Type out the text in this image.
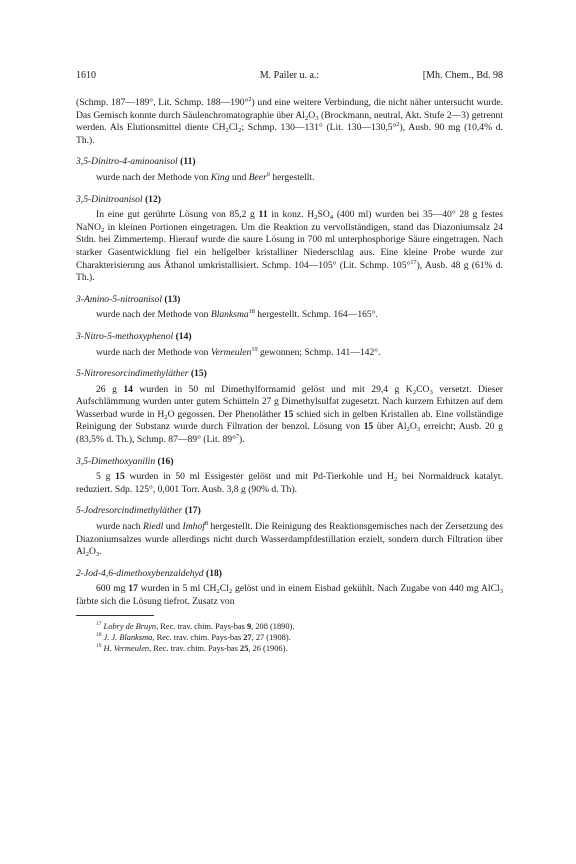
1610	M. Pailer u. a.:	[Mh. Chem., Bd. 98

(Schmp. 187—189°, Lit. Schmp. 188—190°$^2$) und eine weitere Verbindung, die nicht näher untersucht wurde. Das Gemisch konnte durch Säulenchromatographie über $Al_2O_3$ (Brockmann, neutral, Akt. Stufe 2—3) getrennt werden. Als Elutionsmittel diente $CH_2Cl_2$; Schmp. 130—131° (Lit. 130—130,5°$^2$), Ausb. 90 mg (10,4% d. Th.).

3,5-Dinitro-4-aminoanisol (11)

wurde nach der Methode von King und Beer$^6$ hergestellt.

3,5-Dinitroanisol (12)

In eine gut gerührte Lösung von 85,2 g 11 in konz. $H_2SO_4$ (400 ml) wurden bei 35—40° 28 g festes NaNO$_2$ in kleinen Portionen eingetragen. Um die Reaktion zu vervollständigen, stand das Diazoniumsalz 24 Stdn. bei Zimmertemp. Hierauf wurde die saure Lösung in 700 ml unterphosphorige Säure eingetragen. Nach starker Gasentwicklung fiel ein hellgelber kristalliner Niederschlag aus. Eine kleine Probe wurde zur Charakterisierung aus Äthanol umkristallisiert. Schmp. 104—105° (Lit. Schmp. 105°$^{17}$), Ausb. 48 g (61% d. Th.).

3-Amino-5-nitroanisol (13)

wurde nach der Methode von Blanksma$^{18}$ hergestellt. Schmp. 164—165°.

3-Nitro-5-methoxyphenol (14)

wurde nach der Methode von Vermeulen$^{19}$ gewonnen; Schmp. 141—142°.

5-Nitroresorcindimethyläther (15)

26 g 14 wurden in 50 ml Dimethylformamid gelöst und mit 29,4 g $K_2CO_3$ versetzt. Dieser Aufschlämmung wurden unter gutem Schütteln 27 g Dimethylsulfat zugesetzt. Nach kurzem Erhitzen auf dem Wasserbad wurde in $H_2O$ gegossen. Der Phenoläther 15 schied sich in gelben Kristallen ab. Eine vollständige Reinigung der Substanz wurde durch Filtration der benzol. Lösung von 15 über $Al_2O_3$ erreicht; Ausb. 20 g (83,5% d. Th.), Schmp. 87—89° (Lit. 89°$^7$).

3,5-Dimethoxyanilin (16)

5 g 15 wurden in 50 ml Essigester gelöst und mit Pd-Tierkohle und $H_2$ bei Normaldruck katalyt. reduziert. Sdp. 125°, 0,001 Torr. Ausb. 3,8 g (90% d. Th).

5-Jodresorcindimethyläther (17)

wurde nach Riedl und Imhof$^8$ hergestellt. Die Reinigung des Reaktionsgemisches nach der Zersetzung des Diazoniumsalzes wurde allerdings nicht durch Wasserdampfdestillation erzielt, sondern durch Filtration über $Al_2O_3$.

2-Jod-4,6-dimethoxybenzaldehyd (18)

600 mg 17 wurden in 5 ml $CH_2Cl_2$ gelöst und in einem Eisbad gekühlt. Nach Zugabe von 440 mg AlCl$_3$ färbte sich die Lösung tiefrot. Zusatz von

$^{17}$ Lobry de Bruyn, Rec. trav. chim. Pays-bas 9, 208 (1890).

$^{18}$ J. J. Blanksma, Rec. trav. chim. Pays-bas 27, 27 (1908).

$^{19}$ H. Vermeulen, Rec. trav. chim. Pays-bas 25, 26 (1906).
